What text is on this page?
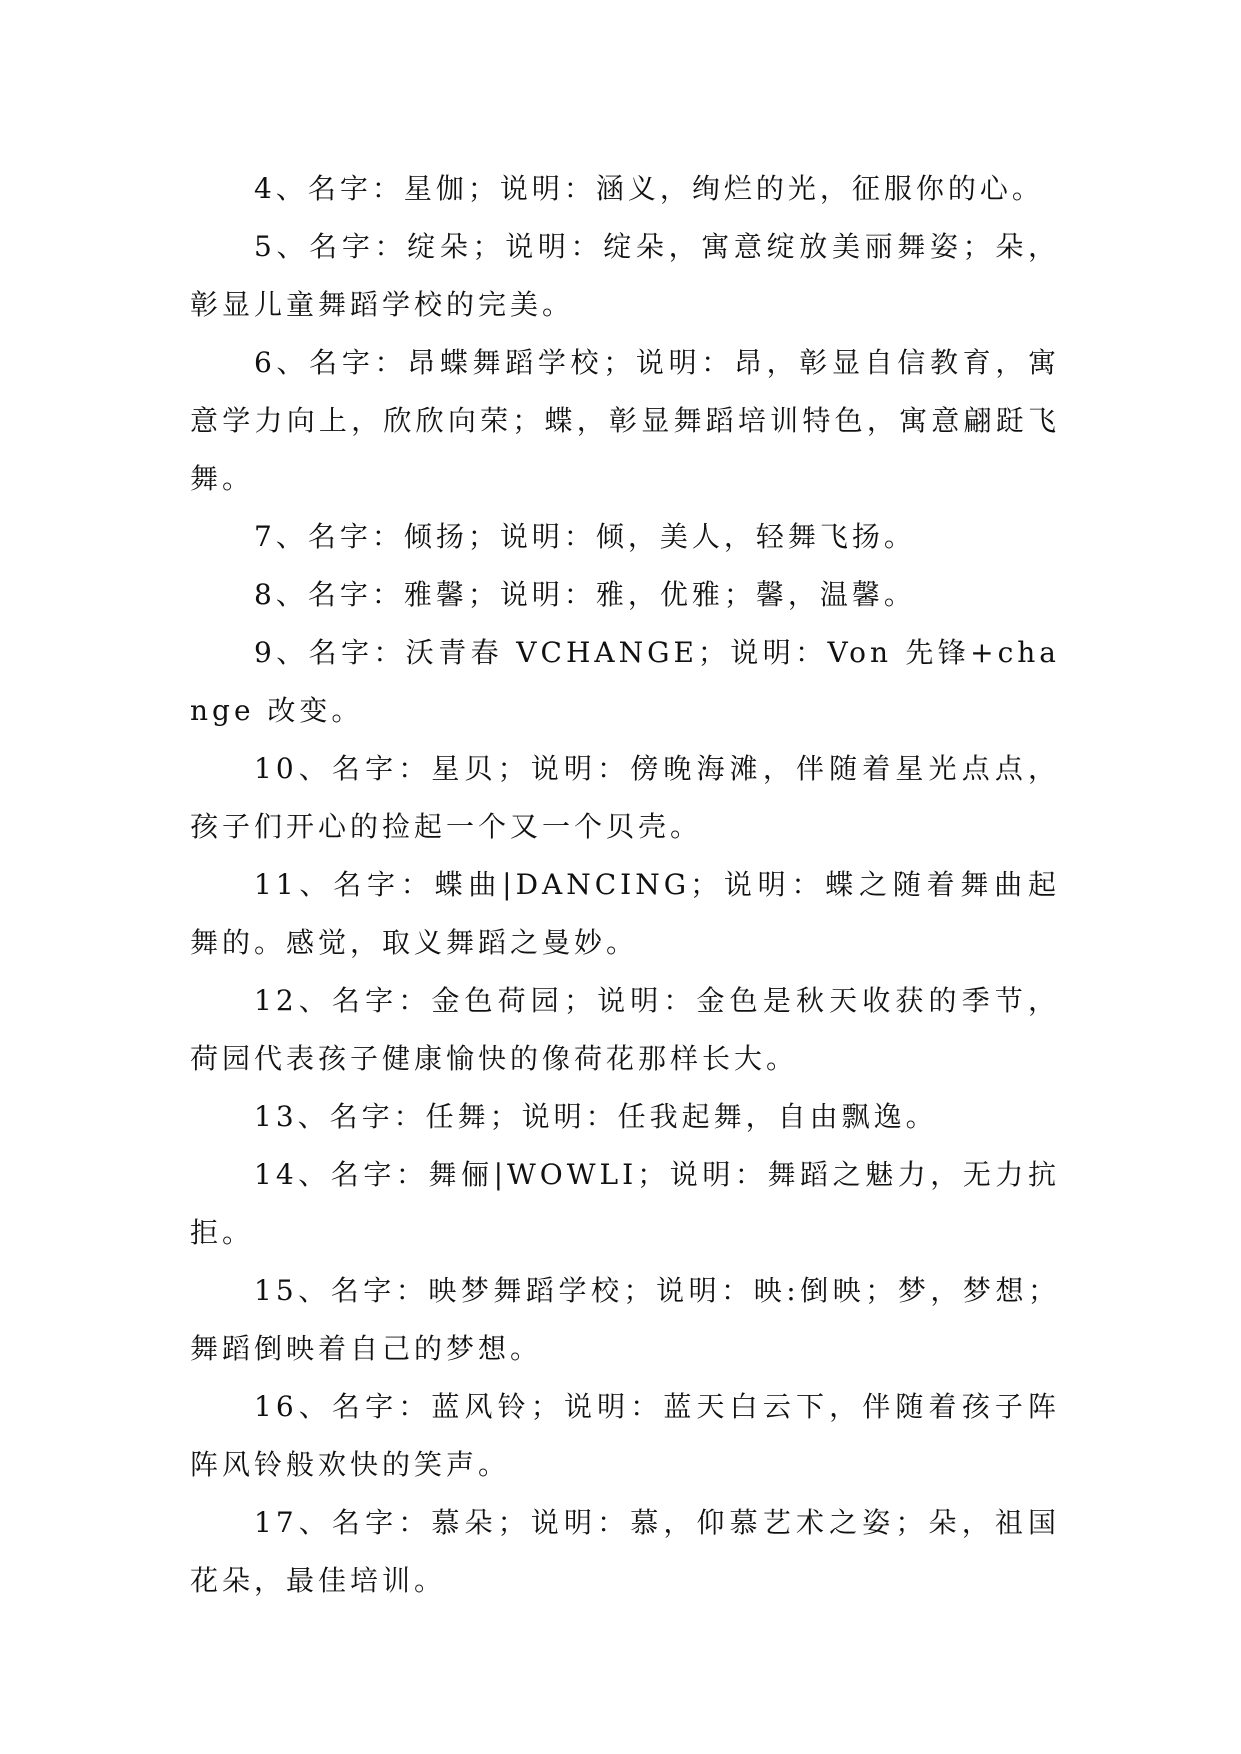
4、名字：星伽；说明：涵义，绚烂的光，征服你的心。

5、名字：绽朵；说明：绽朵，寓意绽放美丽舞姿；朵，彰显儿童舞蹈学校的完美。

6、名字：昂蝶舞蹈学校；说明：昂，彰显自信教育，寓意学力向上，欣欣向荣；蝶，彰显舞蹈培训特色，寓意翩跹飞舞。

7、名字：倾扬；说明：倾，美人，轻舞飞扬。

8、名字：雅馨；说明：雅，优雅；馨，温馨。

9、名字：沃青春 VCHANGE；说明：Von 先锋+change 改变。

10、名字：星贝；说明：傍晚海滩，伴随着星光点点，孩子们开心的捡起一个又一个贝壳。

11、名字：蝶曲|DANCING；说明：蝶之随着舞曲起舞的。感觉，取义舞蹈之曼妙。

12、名字：金色荷园；说明：金色是秋天收获的季节，荷园代表孩子健康愉快的像荷花那样长大。

13、名字：任舞；说明：任我起舞，自由飘逸。

14、名字：舞俪|WOWLI；说明：舞蹈之魅力，无力抗拒。

15、名字：映梦舞蹈学校；说明：映:倒映；梦，梦想；舞蹈倒映着自己的梦想。

16、名字：蓝风铃；说明：蓝天白云下，伴随着孩子阵阵风铃般欢快的笑声。

17、名字：慕朵；说明：慕，仰慕艺术之姿；朵，祖国花朵，最佳培训。
